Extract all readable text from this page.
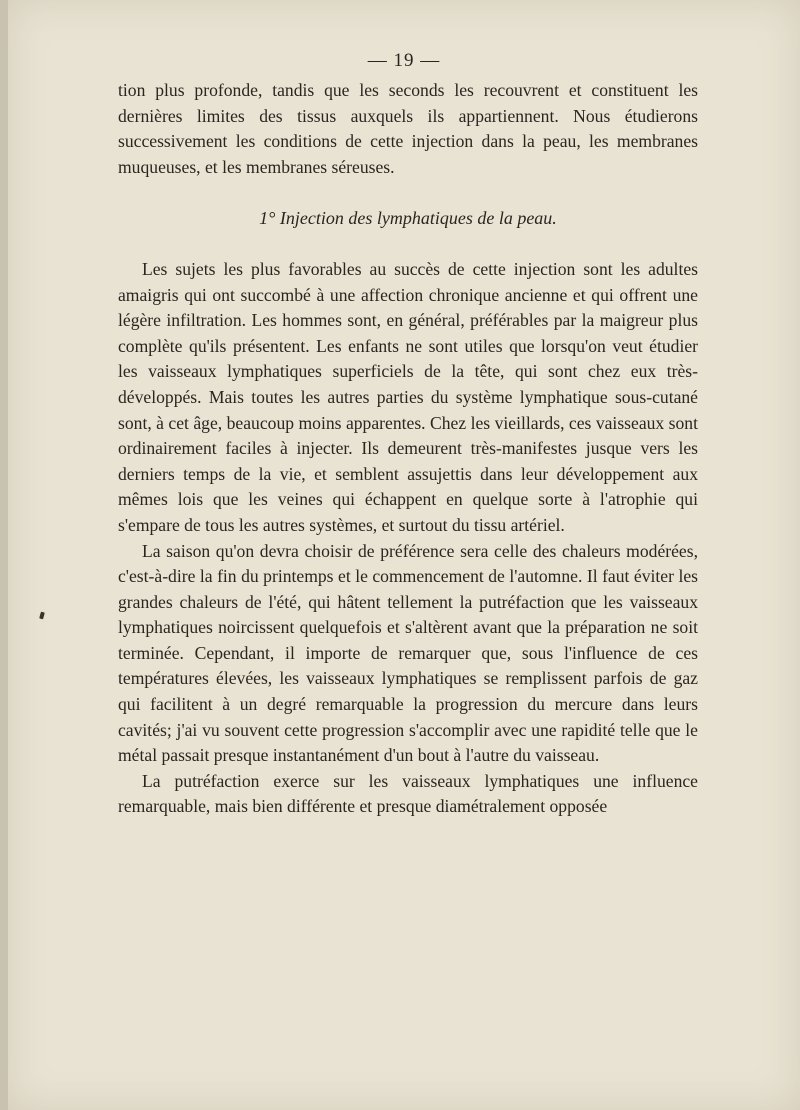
— 19 —

tion plus profonde, tandis que les seconds les recouvrent et constituent les dernières limites des tissus auxquels ils appartiennent. Nous étudierons successivement les conditions de cette injection dans la peau, les membranes muqueuses, et les membranes séreuses.

1° Injection des lymphatiques de la peau.

Les sujets les plus favorables au succès de cette injection sont les adultes amaigris qui ont succombé à une affection chronique ancienne et qui offrent une légère infiltration. Les hommes sont, en général, préférables par la maigreur plus complète qu'ils présentent. Les enfants ne sont utiles que lorsqu'on veut étudier les vaisseaux lymphatiques superficiels de la tête, qui sont chez eux très-développés. Mais toutes les autres parties du système lymphatique sous-cutané sont, à cet âge, beaucoup moins apparentes. Chez les vieillards, ces vaisseaux sont ordinairement faciles à injecter. Ils demeurent très-manifestes jusque vers les derniers temps de la vie, et semblent assujettis dans leur développement aux mêmes lois que les veines qui échappent en quelque sorte à l'atrophie qui s'empare de tous les autres systèmes, et surtout du tissu artériel.

La saison qu'on devra choisir de préférence sera celle des chaleurs modérées, c'est-à-dire la fin du printemps et le commencement de l'automne. Il faut éviter les grandes chaleurs de l'été, qui hâtent tellement la putréfaction que les vaisseaux lymphatiques noircissent quelquefois et s'altèrent avant que la préparation ne soit terminée. Cependant, il importe de remarquer que, sous l'influence de ces températures élevées, les vaisseaux lymphatiques se remplissent parfois de gaz qui facilitent à un degré remarquable la progression du mercure dans leurs cavités; j'ai vu souvent cette progression s'accomplir avec une rapidité telle que le métal passait presque instantanément d'un bout à l'autre du vaisseau.

La putréfaction exerce sur les vaisseaux lymphatiques une influence remarquable, mais bien différente et presque diamétralement opposée
